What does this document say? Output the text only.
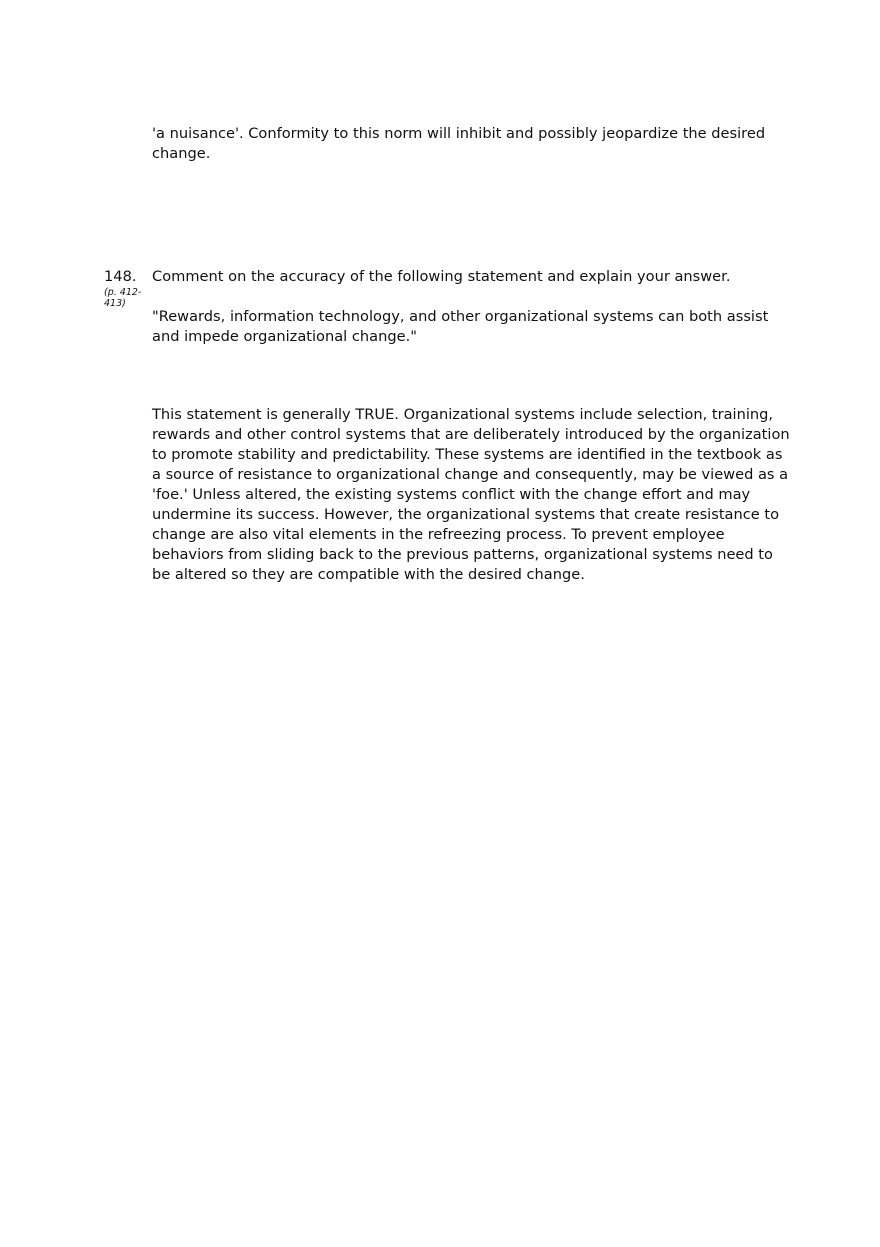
'a nuisance'. Conformity to this norm will inhibit and possibly jeopardize the desired change.

148.

(p. 412-413)

Comment on the accuracy of the following statement and explain your answer.

"Rewards, information technology, and other organizational systems can both assist and impede organizational change."

This statement is generally TRUE. Organizational systems include selection, training, rewards and other control systems that are deliberately introduced by the organization to promote stability and predictability. These systems are identified in the textbook as a source of resistance to organizational change and consequently, may be viewed as a 'foe.' Unless altered, the existing systems conflict with the change effort and may undermine its success. However, the organizational systems that create resistance to change are also vital elements in the refreezing process. To prevent employee behaviors from sliding back to the previous patterns, organizational systems need to be altered so they are compatible with the desired change.
